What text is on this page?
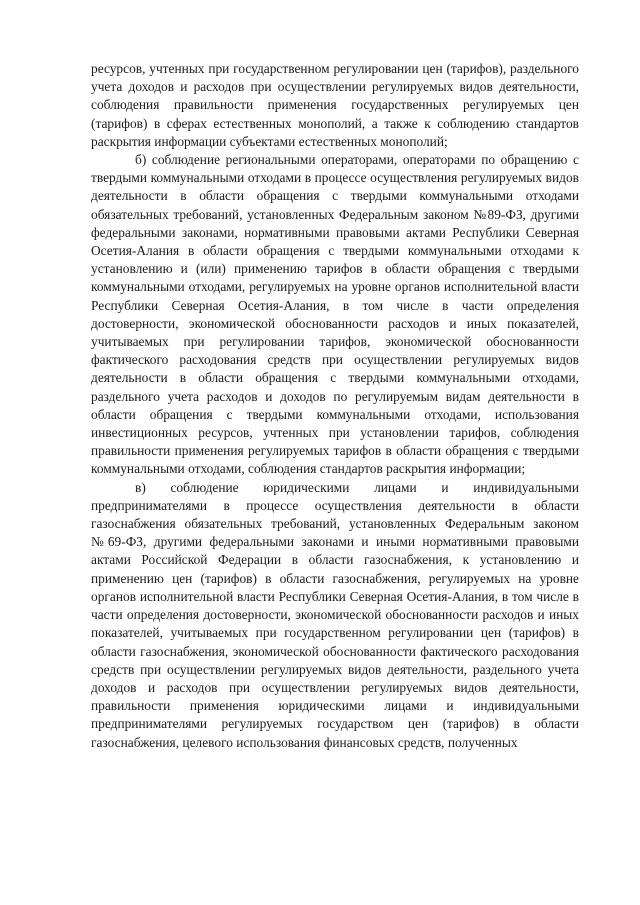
ресурсов, учтенных при государственном регулировании цен (тарифов), раздельного учета доходов и расходов при осуществлении регулируемых видов деятельности, соблюдения правильности применения государственных регулируемых цен (тарифов) в сферах естественных монополий, а также к соблюдению стандартов раскрытия информации субъектами естественных монополий;

б) соблюдение региональными операторами, операторами по обращению с твердыми коммунальными отходами в процессе осуществления регулируемых видов деятельности в области обращения с твердыми коммунальными отходами обязательных требований, установленных Федеральным законом №89-ФЗ, другими федеральными законами, нормативными правовыми актами Республики Северная Осетия-Алания в области обращения с твердыми коммунальными отходами к установлению и (или) применению тарифов в области обращения с твердыми коммунальными отходами, регулируемых на уровне органов исполнительной власти Республики Северная Осетия-Алания, в том числе в части определения достоверности, экономической обоснованности расходов и иных показателей, учитываемых при регулировании тарифов, экономической обоснованности фактического расходования средств при осуществлении регулируемых видов деятельности в области обращения с твердыми коммунальными отходами, раздельного учета расходов и доходов по регулируемым видам деятельности в области обращения с твердыми коммунальными отходами, использования инвестиционных ресурсов, учтенных при установлении тарифов, соблюдения правильности применения регулируемых тарифов в области обращения с твердыми коммунальными отходами, соблюдения стандартов раскрытия информации;

в) соблюдение юридическими лицами и индивидуальными предпринимателями в процессе осуществления деятельности в области газоснабжения обязательных требований, установленных Федеральным законом №69-ФЗ, другими федеральными законами и иными нормативными правовыми актами Российской Федерации в области газоснабжения, к установлению и применению цен (тарифов) в области газоснабжения, регулируемых на уровне органов исполнительной власти Республики Северная Осетия-Алания, в том числе в части определения достоверности, экономической обоснованности расходов и иных показателей, учитываемых при государственном регулировании цен (тарифов) в области газоснабжения, экономической обоснованности фактического расходования средств при осуществлении регулируемых видов деятельности, раздельного учета доходов и расходов при осуществлении регулируемых видов деятельности, правильности применения юридическими лицами и индивидуальными предпринимателями регулируемых государством цен (тарифов) в области газоснабжения, целевого использования финансовых средств, полученных
